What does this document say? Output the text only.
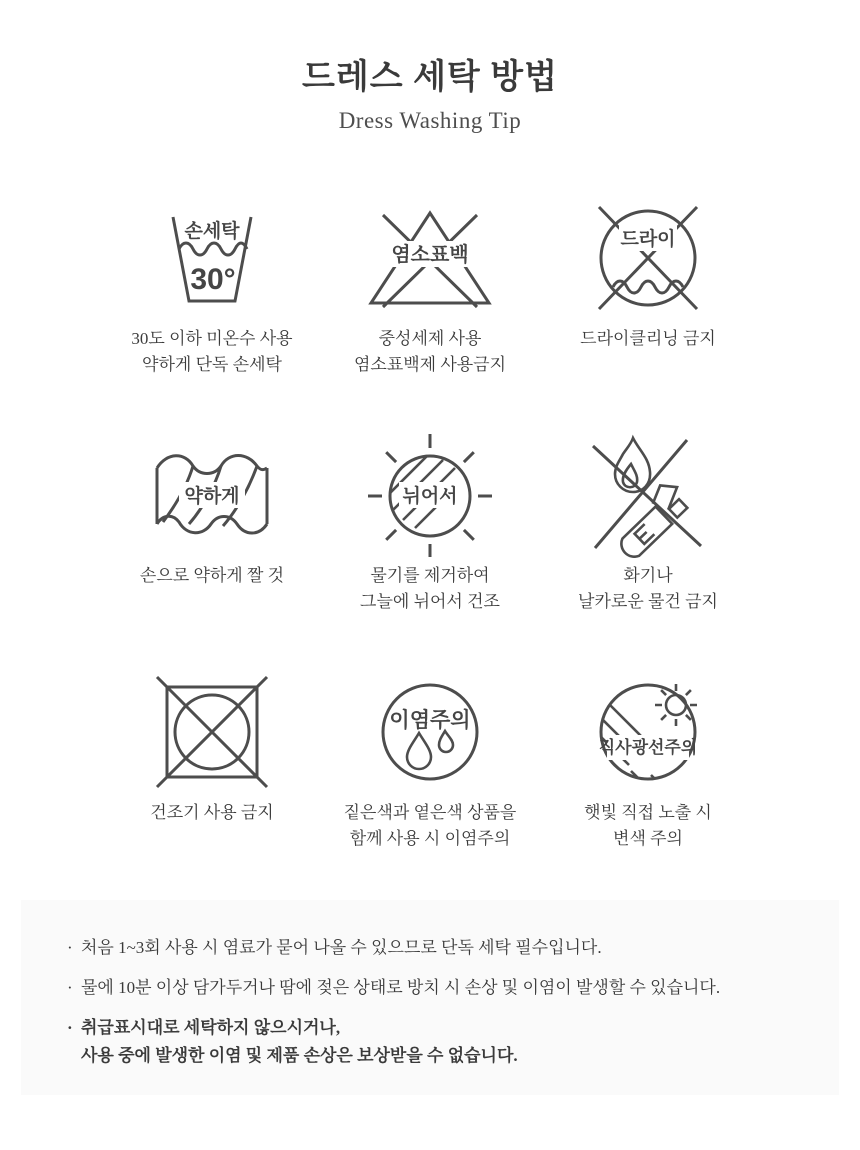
드레스 세탁 방법

Dress Washing Tip

손세탁
30°
30도 이하 미온수 사용
약하게 단독 손세탁
염소표백
중성세제 사용
염소표백제 사용금지
드라이
드라이클리닝 금지
약하게
손으로 약하게 짤 것
뉘어서
물기를 제거하여
그늘에 뉘어서 건조
화기나
날카로운 물건 금지
건조기 사용 금지
이염주의
짙은색과 옅은색 상품을
함께 사용 시 이염주의
직사광선주의
햇빛 직접 노출 시
변색 주의

· 처음 1~3회 사용 시 염료가 묻어 나올 수 있으므로 단독 세탁 필수입니다.

· 물에 10분 이상 담가두거나 땀에 젖은 상태로 방치 시 손상 및 이염이 발생할 수 있습니다.

· 취급표시대로 세탁하지 않으시거나,

사용 중에 발생한 이염 및 제품 손상은 보상받을 수 없습니다.
